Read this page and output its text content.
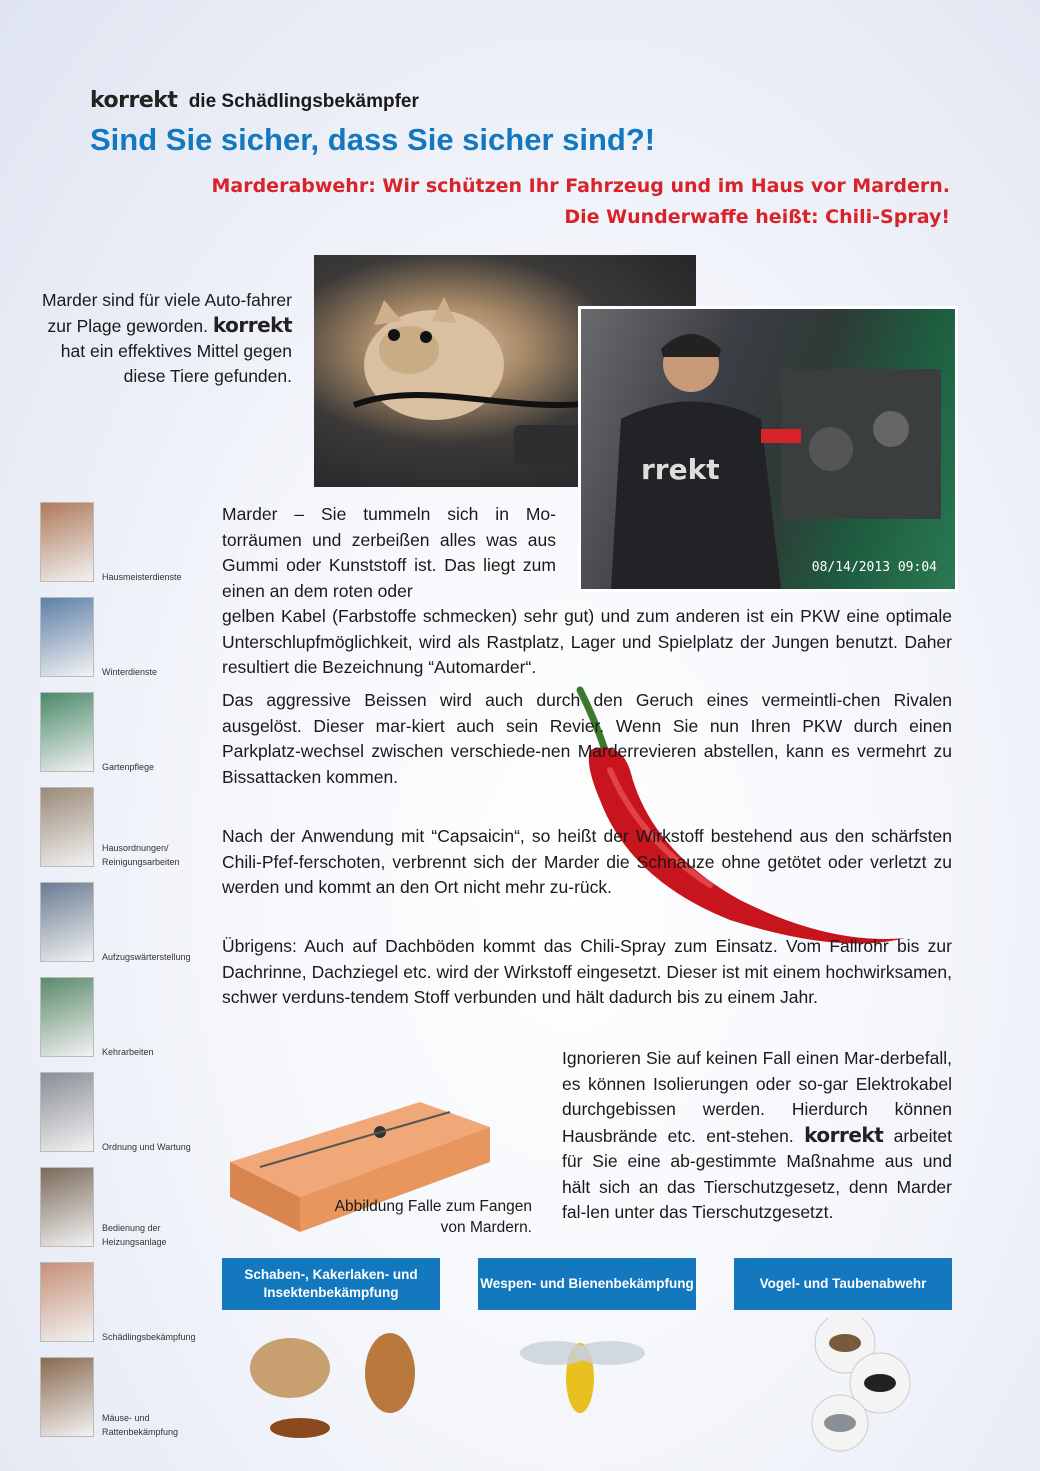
korrekt die Schädlingsbekämpfer
Sind Sie sicher, dass Sie sicher sind?!
Marderabwehr: Wir schützen Ihr Fahrzeug und im Haus vor Mardern.
Die Wunderwaffe heißt: Chili-Spray!
Marder sind für viele Auto-fahrer zur Plage geworden. korrekt hat ein effektives Mittel gegen diese Tiere gefunden.
rrekt
08/14/2013 09:04
Hausmeisterdienste
Winterdienste
Gartenpflege
Hausordnungen/ Reinigungsarbeiten
Aufzugswärterstellung
Kehrarbeiten
Ordnung und Wartung
Bedienung der Heizungsanlage
Schädlingsbekämpfung
Mäuse- und Rattenbekämpfung

Marder – Sie tummeln sich in Mo-torräumen und zerbeißen alles was aus Gummi oder Kunststoff ist. Das liegt zum einen an dem roten oder

gelben Kabel (Farbstoffe schmecken) sehr gut) und zum anderen ist ein PKW eine optimale Unterschlupfmöglichkeit, wird als Rastplatz, Lager und Spielplatz der Jungen benutzt. Daher resultiert die Bezeichnung “Automarder“.

Das aggressive Beissen wird auch durch den Geruch eines vermeintli-chen Rivalen ausgelöst. Dieser mar-kiert auch sein Revier. Wenn Sie nun Ihren PKW durch einen Parkplatz-wechsel zwischen verschiede-nen Marderrevieren abstellen, kann es vermehrt zu Bissattacken kommen.
Nach der Anwendung mit “Capsaicin“, so heißt der Wirkstoff bestehend aus den schärfsten Chili-Pfef-ferschoten, verbrennt sich der Marder die Schnauze ohne getötet oder verletzt zu werden und kommt an den Ort nicht mehr zu-rück.
Übrigens: Auch auf Dachböden kommt das Chili-Spray zum Einsatz. Vom Fallrohr bis zur Dachrinne, Dachziegel etc. wird der Wirkstoff eingesetzt. Dieser ist mit einem hochwirksamen, schwer verduns-tendem Stoff verbunden und hält dadurch bis zu einem Jahr.
Abbildung Falle zum Fangen von Mardern.
Ignorieren Sie auf keinen Fall einen Mar-derbefall, es können Isolierungen oder so-gar Elektrokabel durchgebissen werden. Hierdurch können Hausbrände etc. ent-stehen. korrekt arbeitet für Sie eine ab-gestimmte Maßnahme aus und hält sich an das Tierschutzgesetz, denn Marder fal-len unter das Tierschutzgesetzt.
Schaben-, Kakerlaken- und Insektenbekämpfung
Wespen- und Bienenbekämpfung	Vogel- und Taubenabwehr
